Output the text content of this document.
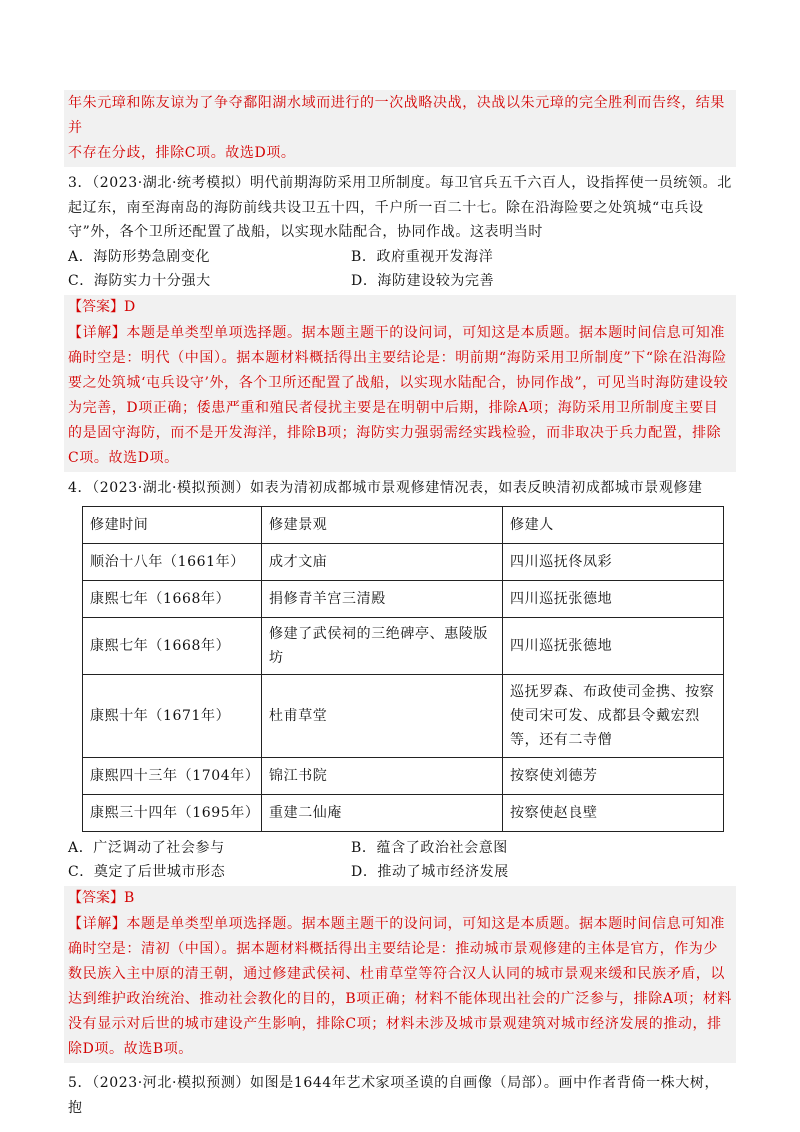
年朱元璋和陈友谅为了争夺鄱阳湖水域而进行的一次战略决战，决战以朱元璋的完全胜利而告终，结果并
不存在分歧，排除C项。故选D项。
3．（2023·湖北·统考模拟）明代前期海防采用卫所制度。每卫官兵五千六百人，设指挥使一员统领。北起辽东，南至海南岛的海防前线共设卫五十四，千户所一百二十七。除在沿海险要之处筑城“屯兵设守”外，各个卫所还配置了战船，以实现水陆配合，协同作战。这表明当时
A．海防形势急剧变化	B．政府重视开发海洋
C．海防实力十分强大	D．海防建设较为完善
【答案】D
【详解】本题是单类型单项选择题。据本题主题干的设问词，可知这是本质题。据本题时间信息可知准确时空是：明代（中国）。据本题材料概括得出主要结论是：明前期“海防采用卫所制度”下“除在沿海险要之处筑城‘屯兵设守’外，各个卫所还配置了战船，以实现水陆配合，协同作战”，可见当时海防建设较为完善，D项正确；倭患严重和殖民者侵扰主要是在明朝中后期，排除A项；海防采用卫所制度主要目的是固守海防，而不是开发海洋，排除B项；海防实力强弱需经实践检验，而非取决于兵力配置，排除C项。故选D项。
4．（2023·湖北·模拟预测）如表为清初成都城市景观修建情况表，如表反映清初成都城市景观修建
修建时间	修建景观	修建人
顺治十八年（1661年）	成才文庙	四川巡抚佟凤彩
康熙七年（1668年）	捐修青羊宫三清殿	四川巡抚张德地
康熙七年（1668年）	修建了武侯祠的三绝碑亭、惠陵版坊	四川巡抚张德地
康熙十年（1671年）	杜甫草堂	巡抚罗森、布政使司金携、按察使司宋可发、成都县令戴宏烈等，还有二寺僧
康熙四十三年（1704年）	锦江书院	按察使刘德芳
康熙三十四年（1695年）	重建二仙庵	按察使赵良壁
A．广泛调动了社会参与	B．蕴含了政治社会意图
C．奠定了后世城市形态	D．推动了城市经济发展
【答案】B
【详解】本题是单类型单项选择题。据本题主题干的设问词，可知这是本质题。据本题时间信息可知准确时空是：清初（中国）。据本题材料概括得出主要结论是：推动城市景观修建的主体是官方，作为少数民族入主中原的清王朝，通过修建武侯祠、杜甫草堂等符合汉人认同的城市景观来缓和民族矛盾，以达到维护政治统治、推动社会教化的目的，B项正确；材料不能体现出社会的广泛参与，排除A项；材料没有显示对后世的城市建设产生影响，排除C项；材料未涉及城市景观建筑对城市经济发展的推动，排除D项。故选B项。
5．（2023·河北·模拟预测）如图是1644年艺术家项圣谟的自画像（局部）。画中作者背倚一株大树，抱
